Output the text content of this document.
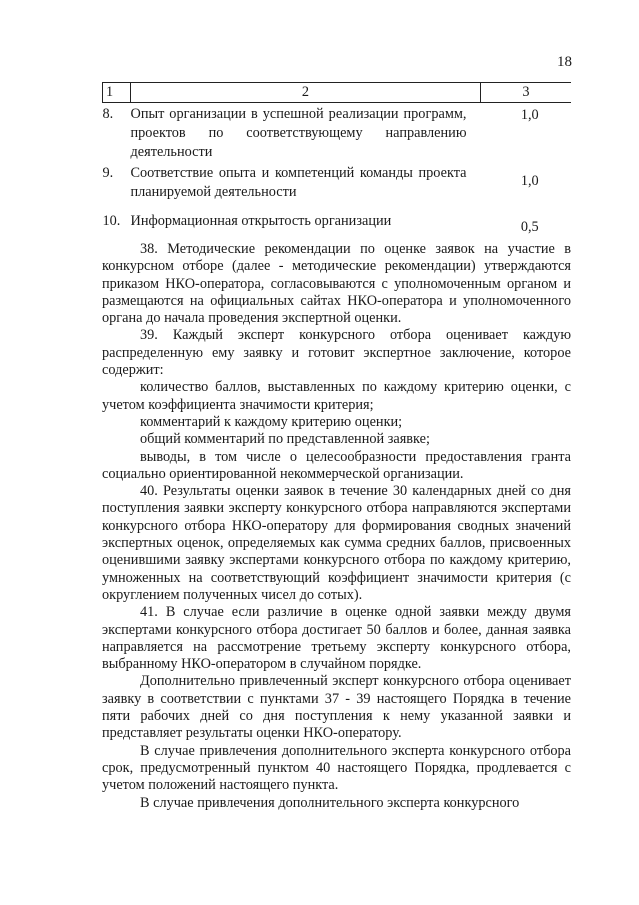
18
1	2	3
8.	Опыт организации в успешной реализации программ, проектов по соответствующему направлению деятельности	1,0
9.	Соответствие опыта и компетенций команды проекта планируемой деятельности	1,0
10.	Информационная открытость организации	0,5

38. Методические рекомендации по оценке заявок на участие в конкурсном отборе (далее - методические рекомендации) утверждаются приказом НКО-оператора, согласовываются с уполномоченным органом и размещаются на официальных сайтах НКО-оператора и уполномоченного органа до начала проведения экспертной оценки.

39. Каждый эксперт конкурсного отбора оценивает каждую распределенную ему заявку и готовит экспертное заключение, которое содержит:

количество баллов, выставленных по каждому критерию оценки, с учетом коэффициента значимости критерия;

комментарий к каждому критерию оценки;

общий комментарий по представленной заявке;

выводы, в том числе о целесообразности предоставления гранта социально ориентированной некоммерческой организации.

40. Результаты оценки заявок в течение 30 календарных дней со дня поступления заявки эксперту конкурсного отбора направляются экспертами конкурсного отбора НКО-оператору для формирования сводных значений экспертных оценок, определяемых как сумма средних баллов, присвоенных оценившими заявку экспертами конкурсного отбора по каждому критерию, умноженных на соответствующий коэффициент значимости критерия (с округлением полученных чисел до сотых).

41. В случае если различие в оценке одной заявки между двумя экспертами конкурсного отбора достигает 50 баллов и более, данная заявка направляется на рассмотрение третьему эксперту конкурсного отбора, выбранному НКО-оператором в случайном порядке.

Дополнительно привлеченный эксперт конкурсного отбора оценивает заявку в соответствии с пунктами 37 - 39 настоящего Порядка в течение пяти рабочих дней со дня поступления к нему указанной заявки и представляет результаты оценки НКО-оператору.

В случае привлечения дополнительного эксперта конкурсного отбора срок, предусмотренный пунктом 40 настоящего Порядка, продлевается с учетом положений настоящего пункта.

В случае привлечения дополнительного эксперта конкурсного
